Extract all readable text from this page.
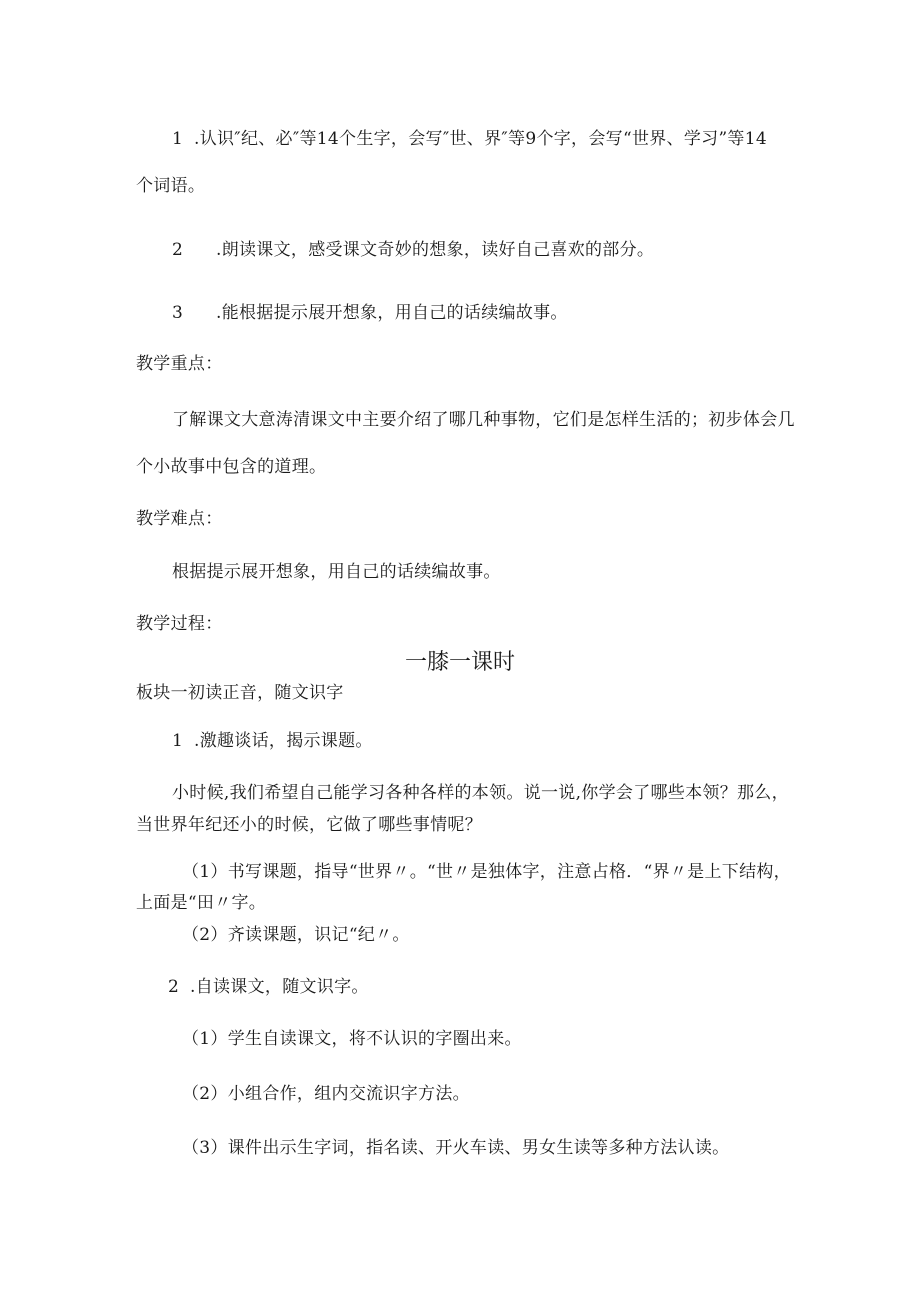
1 .认识″纪、必″等14个生字，会写″世、界″等9个字，会写“世界、学习”等14
个词语。
2 .朗读课文，感受课文奇妙的想象，读好自己喜欢的部分。
3 .能根据提示展开想象，用自己的话续编故事。
教学重点：
了解课文大意涛清课文中主要介绍了哪几种事物，它们是怎样生活的；初步体会几
个小故事中包含的道理。
教学难点：
根据提示展开想象，用自己的话续编故事。
教学过程：
一膝一课时
板块一初读正音，随文识字
1 .激趣谈话，揭示课题。
小时候,我们希望自己能学习各种各样的本领。说一说,你学会了哪些本领？那么，
当世界年纪还小的时候，它做了哪些事情呢？
（1）书写课题，指导“世界〃。“世〃是独体字，注意占格．“界〃是上下结构，
上面是“田〃字。
（2）齐读课题，识记“纪〃。
2 .自读课文，随文识字。
（1）学生自读课文，将不认识的字圈出来。
（2）小组合作，组内交流识字方法。
（3）课件出示生字词，指名读、开火车读、男女生读等多种方法认读。
